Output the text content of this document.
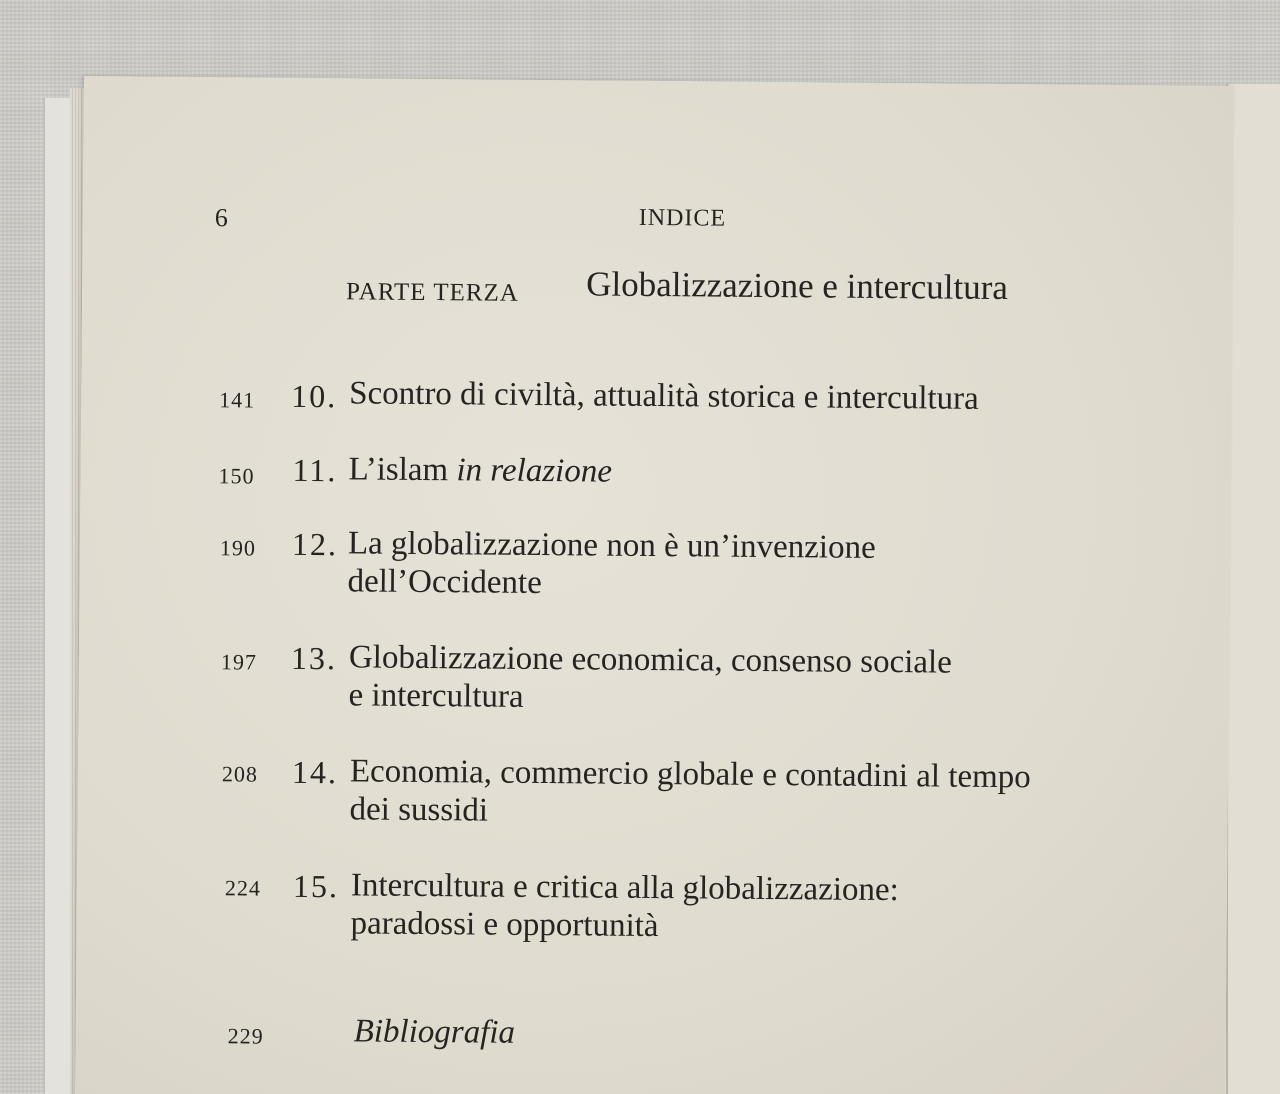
6	INDICE
PARTE TERZA Globalizzazione e intercultura
141 10. Scontro di civiltà, attualità storica e intercultura
150 11. L’islam in relazione
190 12. La globalizzazione non è un’invenzione
dell’Occidente
197 13. Globalizzazione economica, consenso sociale
e intercultura
208 14. Economia, commercio globale e contadini al tempo
dei sussidi
224 15. Intercultura e critica alla globalizzazione:
paradossi e opportunità
229	Bibliografia
